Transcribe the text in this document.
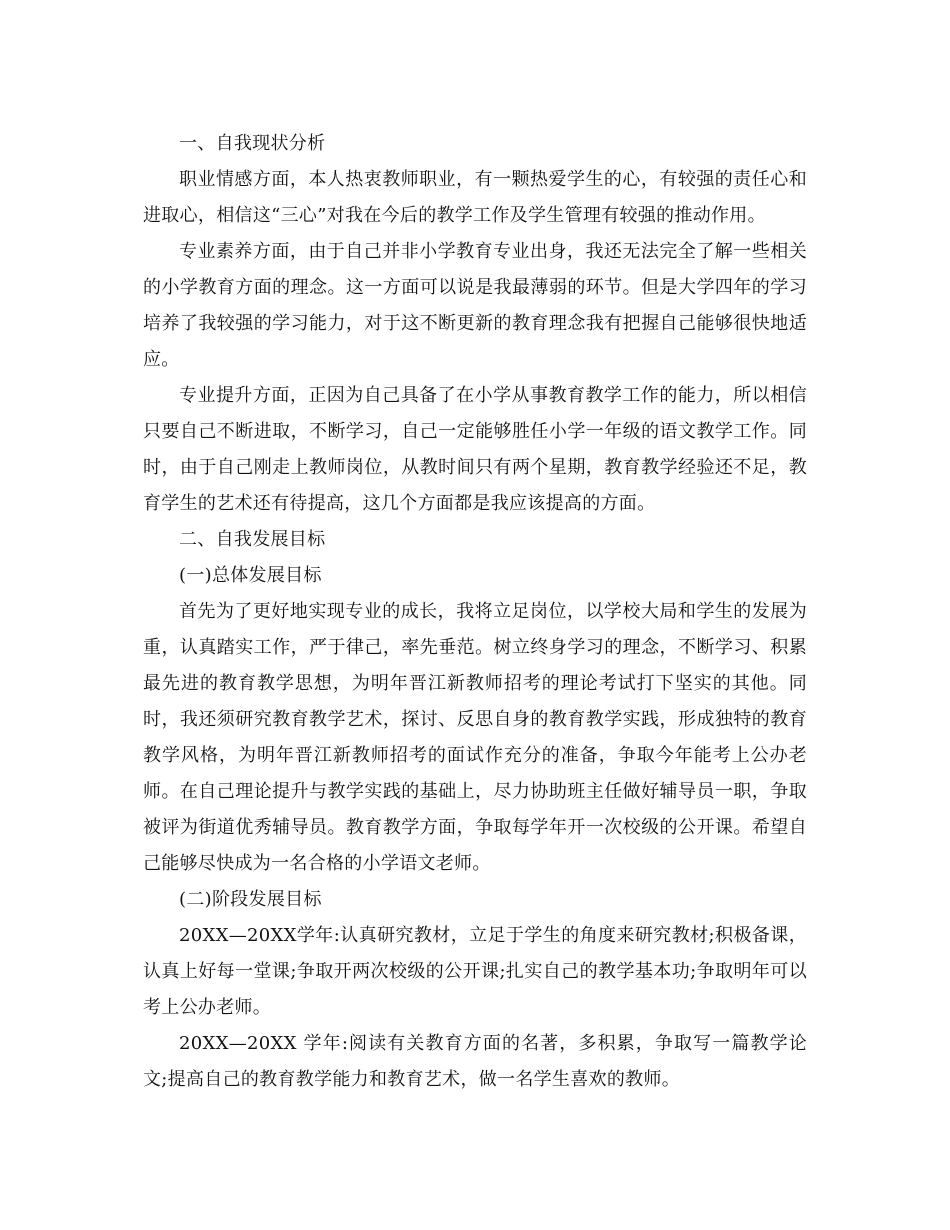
一、自我现状分析

职业情感方面，本人热衷教师职业，有一颗热爱学生的心，有较强的责任心和进取心，相信这“三心”对我在今后的教学工作及学生管理有较强的推动作用。

专业素养方面，由于自己并非小学教育专业出身，我还无法完全了解一些相关的小学教育方面的理念。这一方面可以说是我最薄弱的环节。但是大学四年的学习培养了我较强的学习能力，对于这不断更新的教育理念我有把握自己能够很快地适应。

专业提升方面，正因为自己具备了在小学从事教育教学工作的能力，所以相信只要自己不断进取，不断学习，自己一定能够胜任小学一年级的语文教学工作。同时，由于自己刚走上教师岗位，从教时间只有两个星期，教育教学经验还不足，教育学生的艺术还有待提高，这几个方面都是我应该提高的方面。

二、自我发展目标

(一)总体发展目标

首先为了更好地实现专业的成长，我将立足岗位，以学校大局和学生的发展为重，认真踏实工作，严于律己，率先垂范。树立终身学习的理念，不断学习、积累最先进的教育教学思想，为明年晋江新教师招考的理论考试打下坚实的其他。同时，我还须研究教育教学艺术，探讨、反思自身的教育教学实践，形成独特的教育教学风格，为明年晋江新教师招考的面试作充分的准备，争取今年能考上公办老师。在自己理论提升与教学实践的基础上，尽力协助班主任做好辅导员一职，争取被评为街道优秀辅导员。教育教学方面，争取每学年开一次校级的公开课。希望自己能够尽快成为一名合格的小学语文老师。

(二)阶段发展目标

20XX—20XX学年:认真研究教材，立足于学生的角度来研究教材;积极备课，认真上好每一堂课;争取开两次校级的公开课;扎实自己的教学基本功;争取明年可以考上公办老师。

20XX—20XX 学年:阅读有关教育方面的名著，多积累，争取写一篇教学论文;提高自己的教育教学能力和教育艺术，做一名学生喜欢的教师。
